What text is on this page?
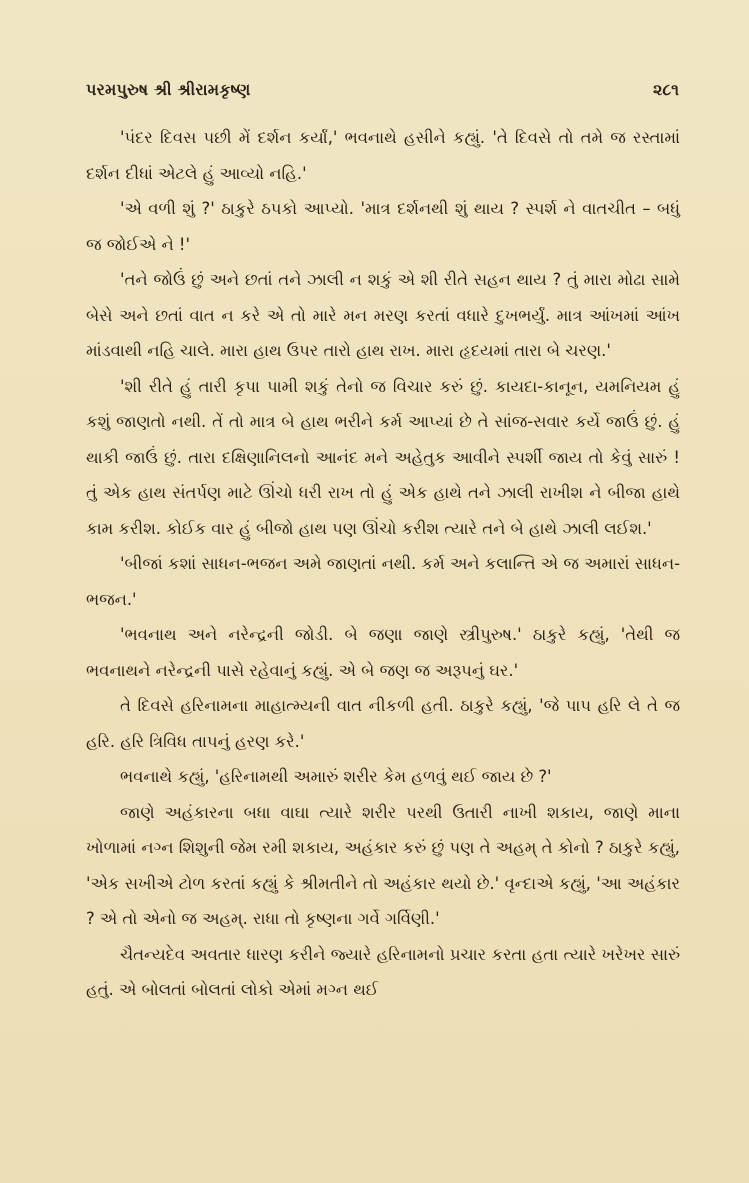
પરમપુરુષ શ્રી શ્રીરામકૃષ્ણ	૨૮૧

'પંદર દિવસ પછી મેં દર્શન કર્યાં,' ભવનાથે હસીને કહ્યું. 'તે દિવસે તો તમે જ રસ્તામાં દર્શન દીધાં એટલે હું આવ્યો નહિ.'

'એ વળી શું ?' ઠાકુરે ઠપકો આપ્યો. 'માત્ર દર્શનથી શું થાય ? સ્પર્શ ને વાતચીત – બધું જ જોઈએ ને !'

'તને જોઉં છું અને છતાં તને ઝાલી ન શકું એ શી રીતે સહન થાય ? તું મારા મોઢા સામે બેસે અને છતાં વાત ન કરે એ તો મારે મન મરણ કરતાં વધારે દુખભર્યું. માત્ર આંખમાં આંખ માંડવાથી નહિ ચાલે. મારા હાથ ઉપર તારો હાથ રાખ. મારા હૃદયમાં તારા બે ચરણ.'

'શી રીતે હું તારી કૃપા પામી શકું તેનો જ વિચાર કરું છું. કાયદા-કાનૂન, યમનિયમ હું કશું જાણતો નથી. તેં તો માત્ર બે હાથ ભરીને કર્મ આપ્યાં છે તે સાંજ-સવાર કર્યે જાઉં છું. હું થાકી જાઉં છું. તારા દક્ષિણાનિલનો આનંદ મને અહેતુક આવીને સ્પર્શી જાય તો કેવું સારું ! તું એક હાથ સંતર્પણ માટે ઊંચો ધરી રાખ તો હું એક હાથે તને ઝાલી રાખીશ ને બીજા હાથે કામ કરીશ. કોઈક વાર હું બીજો હાથ પણ ઊંચો કરીશ ત્યારે તને બે હાથે ઝાલી લઈશ.'

'બીજાં કશાં સાધન-ભજન અમે જાણતાં નથી. કર્મ અને કલાન્તિ એ જ અમારાં સાધન-ભજન.'

'ભવનાથ અને નરેન્દ્રની જોડી. બે જણા જાણે સ્ત્રીપુરુષ.' ઠાકુરે કહ્યું, 'તેથી જ ભવનાથને નરેન્દ્રની પાસે રહેવાનું કહ્યું. એ બે જણ જ અરૂપનું ઘર.'

તે દિવસે હરિનામના માહાત્મ્યની વાત નીકળી હતી. ઠાકુરે કહ્યું, 'જે પાપ હરિ લે તે જ હરિ. હરિ ત્રિવિધ તાપનું હરણ કરે.'

ભવનાથે કહ્યું, 'હરિનામથી અમારું શરીર કેમ હળવું થઈ જાય છે ?'

જાણે અહંકારના બધા વાઘા ત્યારે શરીર પરથી ઉતારી નાખી શકાય, જાણે માના ખોળામાં નગ્ન શિશુની જેમ રમી શકાય, અહંકાર કરું છું પણ તે અહમ્ તે કોનો ? ઠાકુરે કહ્યું, 'એક સખીએ ટોળ કરતાં કહ્યું કે શ્રીમતીને તો અહંકાર થયો છે.' વૃન્દાએ કહ્યું, 'આ અહંકાર ? એ તો એનો જ અહમ્. રાધા તો કૃષ્ણના ગર્વે ગર્વિણી.'

ચૈતન્યદેવ અવતાર ધારણ કરીને જ્યારે હરિનામનો પ્રચાર કરતા હતા ત્યારે ખરેખર સારું હતું. એ બોલતાં બોલતાં લોકો એમાં મગ્ન થઈ
